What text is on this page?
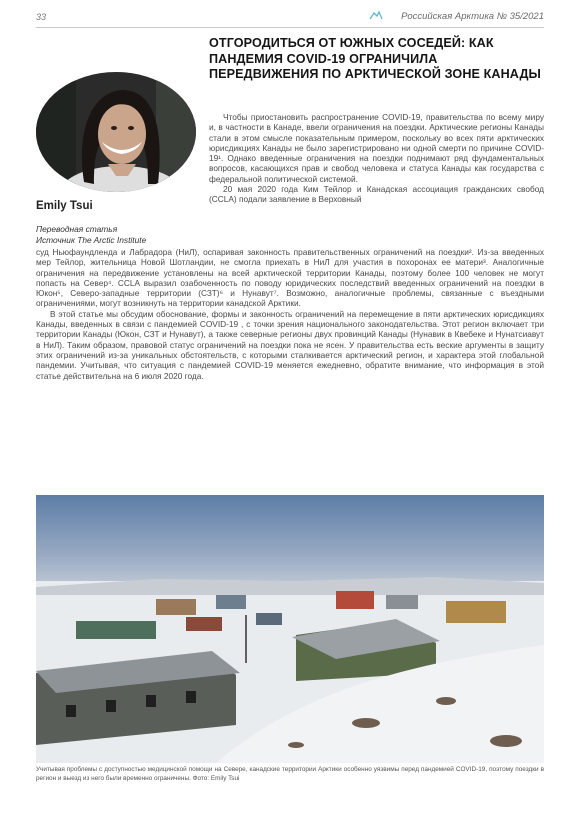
33	Российская Арктика № 35/2021
Emily Tsui
Переводная статья
Источник The Arctic Institute
ОТГОРОДИТЬСЯ ОТ ЮЖНЫХ СОСЕДЕЙ: КАК ПАНДЕМИЯ COVID-19 ОГРАНИЧИЛА ПЕРЕДВИЖЕНИЯ ПО АРКТИЧЕСКОЙ ЗОНЕ КАНАДЫ

Чтобы приостановить распространение COVID-19, правительства по всему миру и, в частности в Канаде, ввели ограничения на поездки. Арктические регионы Канады стали в этом смысле показательным примером, поскольку во всех пяти арктических юрисдикциях Канады не было зарегистрировано ни одной смерти по причине COVID-19¹. Однако введенные ограничения на поездки поднимают ряд фундаментальных вопросов, касающихся прав и свобод человека и статуса Канады как государства с федеральной политической системой.

20 мая 2020 года Ким Тейлор и Канадская ассоциация гражданских свобод (CCLA) подали заявление в Верховный

суд Ньюфаундленда и Лабрадора (НиЛ), оспаривая законность правительственных ограничений на поездки². Из-за введенных мер Тейлор, жительница Новой Шотландии, не смогла приехать в НиЛ для участия в похоронах ее матери³. Аналогичные ограничения на передвижение установлены на всей арктической территории Канады, поэтому более 100 человек не могут попасть на Север⁴. CCLA выразил озабоченность по поводу юридических последствий введенных ограничений на поездки в Юкон⁵, Северо-западные территории (СЗТ)⁶ и Нунавут⁷. Возможно, аналогичные проблемы, связанные с въездными ограничениями, могут возникнуть на территории канадской Арктики.

В этой статье мы обсудим обоснование, формы и законность ограничений на перемещение в пяти арктических юрисдикциях Канады, введенных в связи с пандемией COVID-19 , с точки зрения национального законодательства. Этот регион включает три территории Канады (Юкон, СЗТ и Нунавут), а также северные регионы двух провинций Канады (Нунавик в Квебеке и Нунатсиавут в НиЛ). Таким образом, правовой статус ограничений на поездки пока не ясен. У правительства есть веские аргументы в защиту этих ограничений из-за уникальных обстоятельств, с которыми сталкивается арктический регион, и характера этой глобальной пандемии. Учитывая, что ситуация с пандемией COVID-19 меняется ежедневно, обратите внимание, что информация в этой статье действительна на 6 июля 2020 года.

Учитывая проблемы с доступностью медицинской помощи на Севере, канадские территории Арктики особенно уязвимы перед пандемией COVID-19, поэтому поездки в регион и выезд из него были временно ограничены. Фото: Emily Tsui
